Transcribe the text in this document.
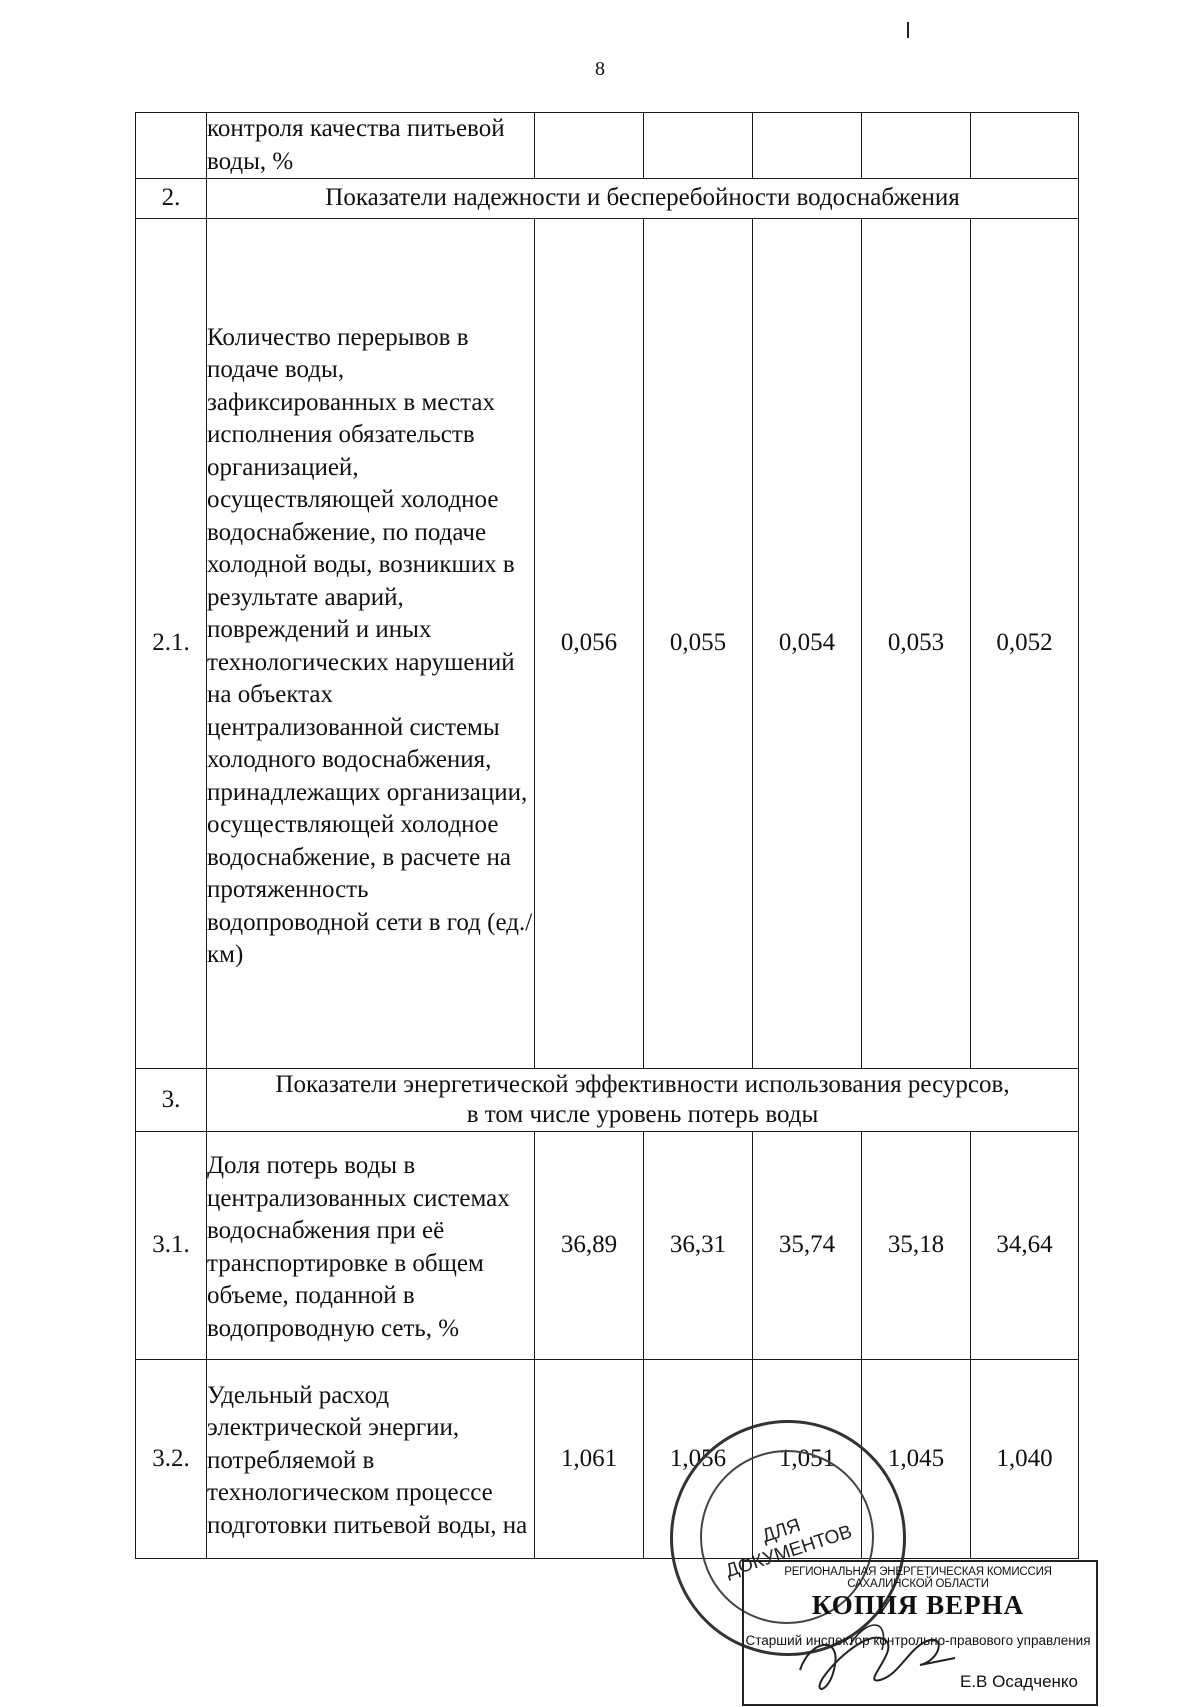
8
	контроля качества питьевой воды, %					
2.	Показатели надежности и бесперебойности водоснабжения					
2.1.	Количество перерывов в подаче воды, зафиксированных в местах исполнения обязательств организацией, осуществляющей холодное водоснабжение, по подаче холодной воды, возникших в результате аварий, повреждений и иных технологических нарушений на объектах централизованной системы холодного водоснабжения, принадлежащих организации, осуществляющей холодное водоснабжение, в расчете на протяженность водопроводной сети в год (ед./км)	0,056	0,055	0,054	0,053	0,052
3.	Показатели энергетической эффективности использования ресурсов,
в том числе уровень потерь воды					

3.1.	Доля потерь воды в централизованных системах водоснабжения при её транспортировке в общем объеме, поданной в водопроводную сеть, %	36,89	36,31	35,74	35,18	34,64
3.2.	Удельный расход электрической энергии, потребляемой в технологическом процессе подготовки питьевой воды, на	1,061	1,056	1,051	1,045	1,040
ДЛЯ ДОКУМЕНТОВ
РЕГИОНАЛЬНАЯ ЭНЕРГЕТИЧЕСКАЯ КОМИССИЯ САХАЛИНСКОЙ ОБЛАСТИ
КОПИЯ ВЕРНА
Старший инспектор контрольно-правового управления
Е.В Осадченко
